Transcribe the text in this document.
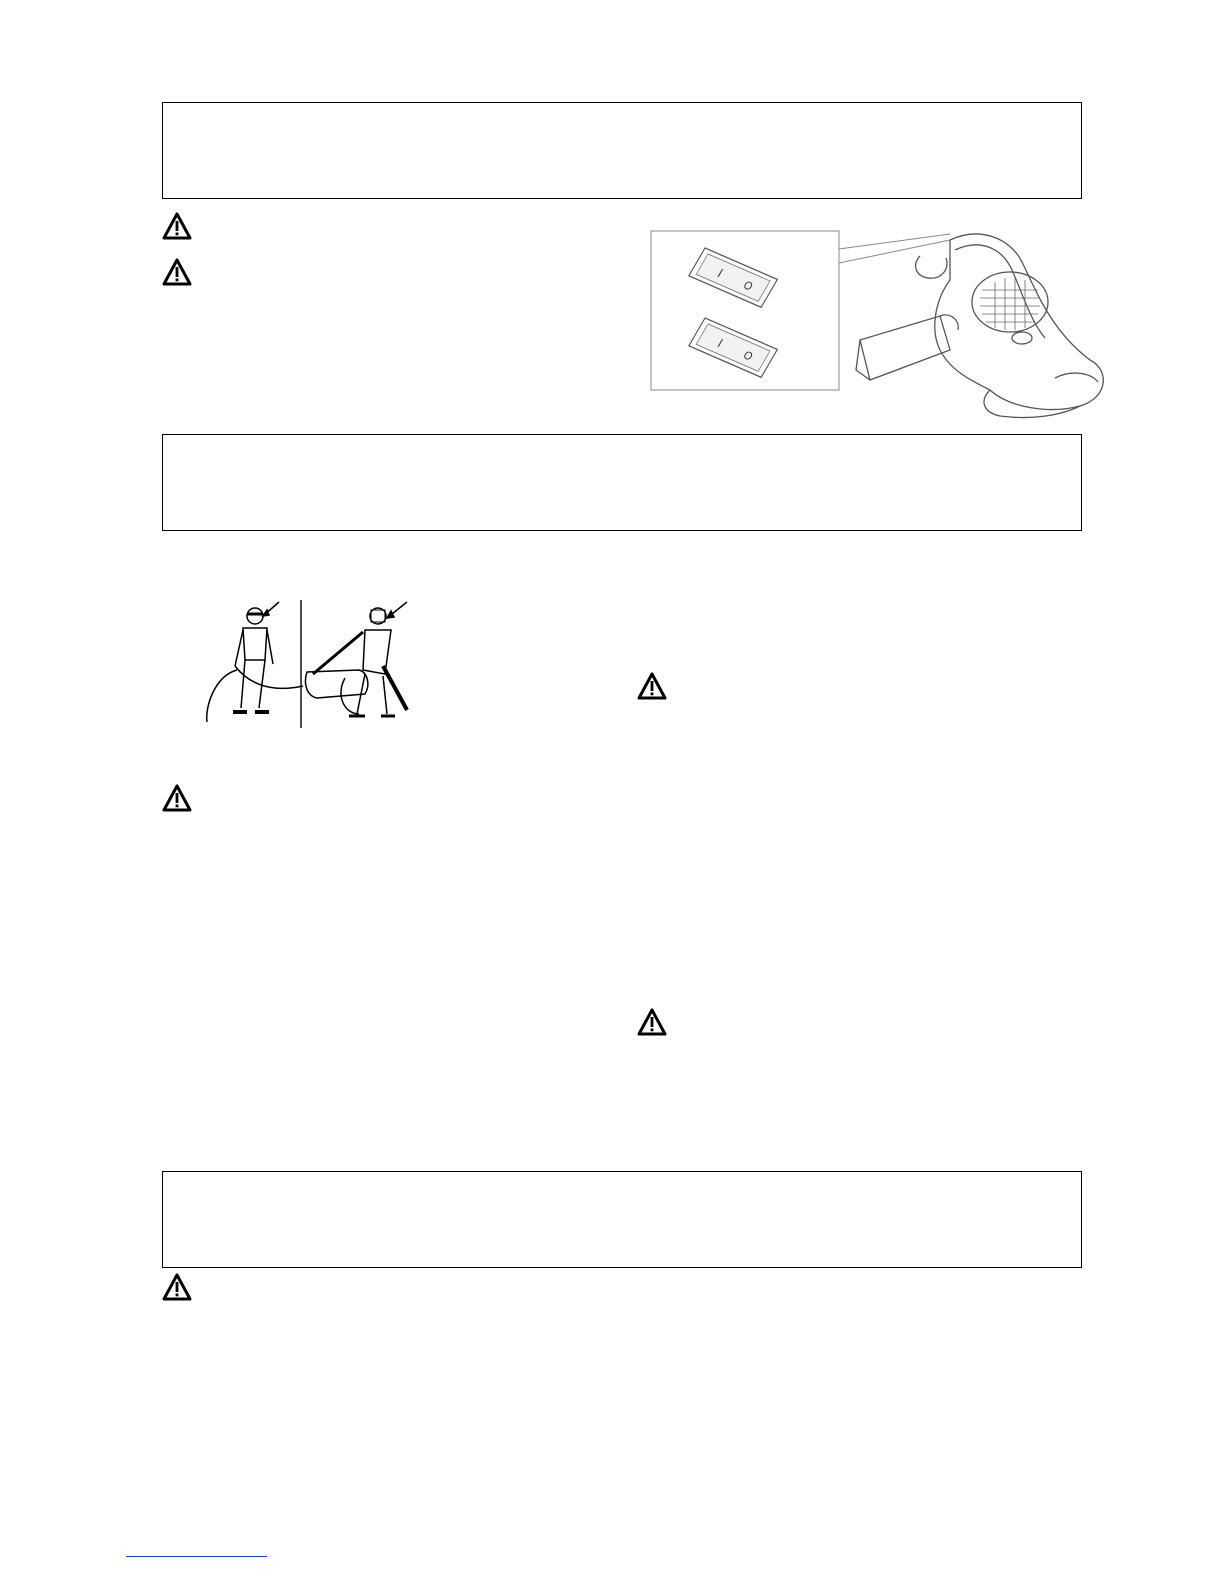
I
O
I
O
